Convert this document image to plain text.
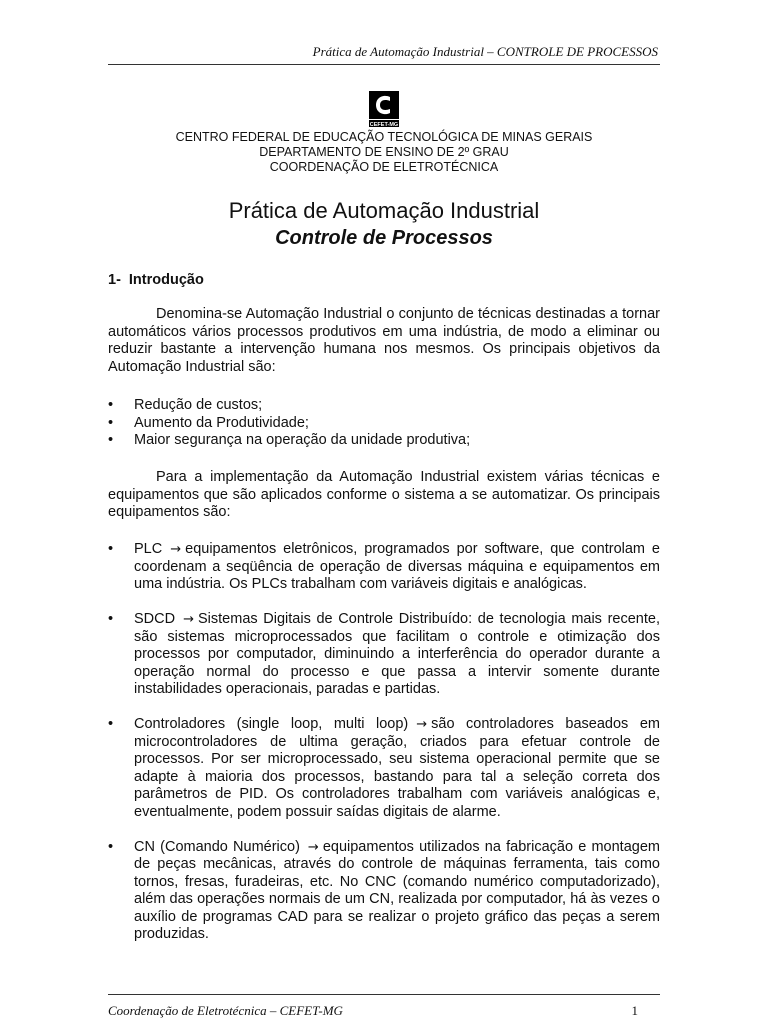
Prática de Automação Industrial – CONTROLE DE PROCESSOS
CEFET-MG
CENTRO FEDERAL DE EDUCAÇÃO TECNOLÓGICA DE MINAS GERAIS
DEPARTAMENTO DE ENSINO DE 2º GRAU
COORDENAÇÃO DE ELETROTÉCNICA
Prática de Automação Industrial
Controle de Processos
1- Introdução

Denomina-se Automação Industrial o conjunto de técnicas destinadas a tornar automáticos vários processos produtivos em uma indústria, de modo a eliminar ou reduzir bastante a intervenção humana nos mesmos. Os principais objetivos da Automação Industrial são:

• Redução de custos;
• Aumento da Produtividade;
• Maior segurança na operação da unidade produtiva;

Para a implementação da Automação Industrial existem várias técnicas e equipamentos que são aplicados conforme o sistema a se automatizar. Os principais equipamentos são:

• PLC → equipamentos eletrônicos, programados por software, que controlam e coordenam a seqüência de operação de diversas máquina e equipamentos em uma indústria. Os PLCs trabalham com variáveis digitais e analógicas.
• SDCD → Sistemas Digitais de Controle Distribuído: de tecnologia mais recente, são sistemas microprocessados que facilitam o controle e otimização dos processos por computador, diminuindo a interferência do operador durante a operação normal do processo e que passa a intervir somente durante instabilidades operacionais, paradas e partidas.
• Controladores (single loop, multi loop) → são controladores baseados em microcontroladores de ultima geração, criados para efetuar controle de processos. Por ser microprocessado, seu sistema operacional permite que se adapte à maioria dos processos, bastando para tal a seleção correta dos parâmetros de PID. Os controladores trabalham com variáveis analógicas e, eventualmente, podem possuir saídas digitais de alarme.
• CN (Comando Numérico) → equipamentos utilizados na fabricação e montagem de peças mecânicas, através do controle de máquinas ferramenta, tais como tornos, fresas, furadeiras, etc. No CNC (comando numérico computadorizado), além das operações normais de um CN, realizada por computador, há às vezes o auxílio de programas CAD para se realizar o projeto gráfico das peças a serem produzidas.
Coordenação de Eletrotécnica – CEFET-MG	1
